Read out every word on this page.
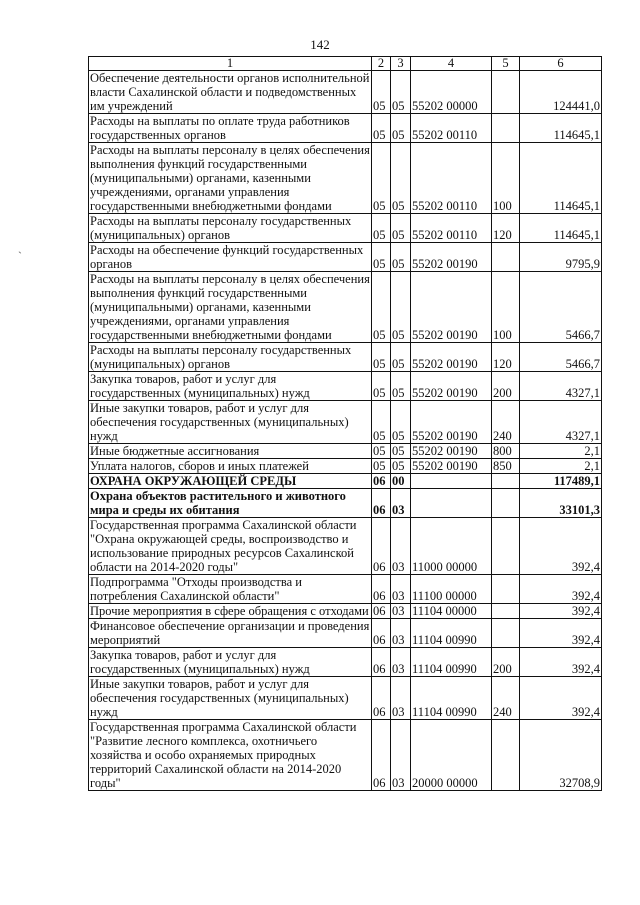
142
1	2	3	4	5	6
Обеспечение деятельности органов исполнительной власти Сахалинской области и подведомственных им учреждений	05	05	55202 00000		124441,0
Расходы на выплаты по оплате труда работников государственных органов	05	05	55202 00110		114645,1
Расходы на выплаты персоналу в целях обеспечения выполнения функций государственными (муниципальными) органами, казенными учреждениями, органами управления государственными внебюджетными фондами	05	05	55202 00110	100	114645,1
Расходы на выплаты персоналу государственных (муниципальных) органов	05	05	55202 00110	120	114645,1
Расходы на обеспечение функций государственных органов	05	05	55202 00190		9795,9
Расходы на выплаты персоналу в целях обеспечения выполнения функций государственными (муниципальными) органами, казенными учреждениями, органами управления государственными внебюджетными фондами	05	05	55202 00190	100	5466,7
Расходы на выплаты персоналу государственных (муниципальных) органов	05	05	55202 00190	120	5466,7
Закупка товаров, работ и услуг для государственных (муниципальных) нужд	05	05	55202 00190	200	4327,1
Иные закупки товаров, работ и услуг для обеспечения государственных (муниципальных) нужд	05	05	55202 00190	240	4327,1
Иные бюджетные ассигнования	05	05	55202 00190	800	2,1
Уплата налогов, сборов и иных платежей	05	05	55202 00190	850	2,1
ОХРАНА ОКРУЖАЮЩЕЙ СРЕДЫ	06	00			117489,1
Охрана объектов растительного и животного мира и среды их обитания	06	03			33101,3
Государственная программа Сахалинской области "Охрана окружающей среды, воспроизводство и использование природных ресурсов Сахалинской области на 2014-2020 годы"	06	03	11000 00000		392,4
Подпрограмма "Отходы производства и потребления Сахалинской области"	06	03	11100 00000		392,4
Прочие мероприятия в сфере обращения с отходами	06	03	11104 00000		392,4
Финансовое обеспечение организации и проведения мероприятий	06	03	11104 00990		392,4
Закупка товаров, работ и услуг для государственных (муниципальных) нужд	06	03	11104 00990	200	392,4
Иные закупки товаров, работ и услуг для обеспечения государственных (муниципальных) нужд	06	03	11104 00990	240	392,4
Государственная программа Сахалинской области "Развитие лесного комплекса, охотничьего хозяйства и особо охраняемых природных территорий Сахалинской области на 2014-2020 годы"	06	03	20000 00000		32708,9
`
